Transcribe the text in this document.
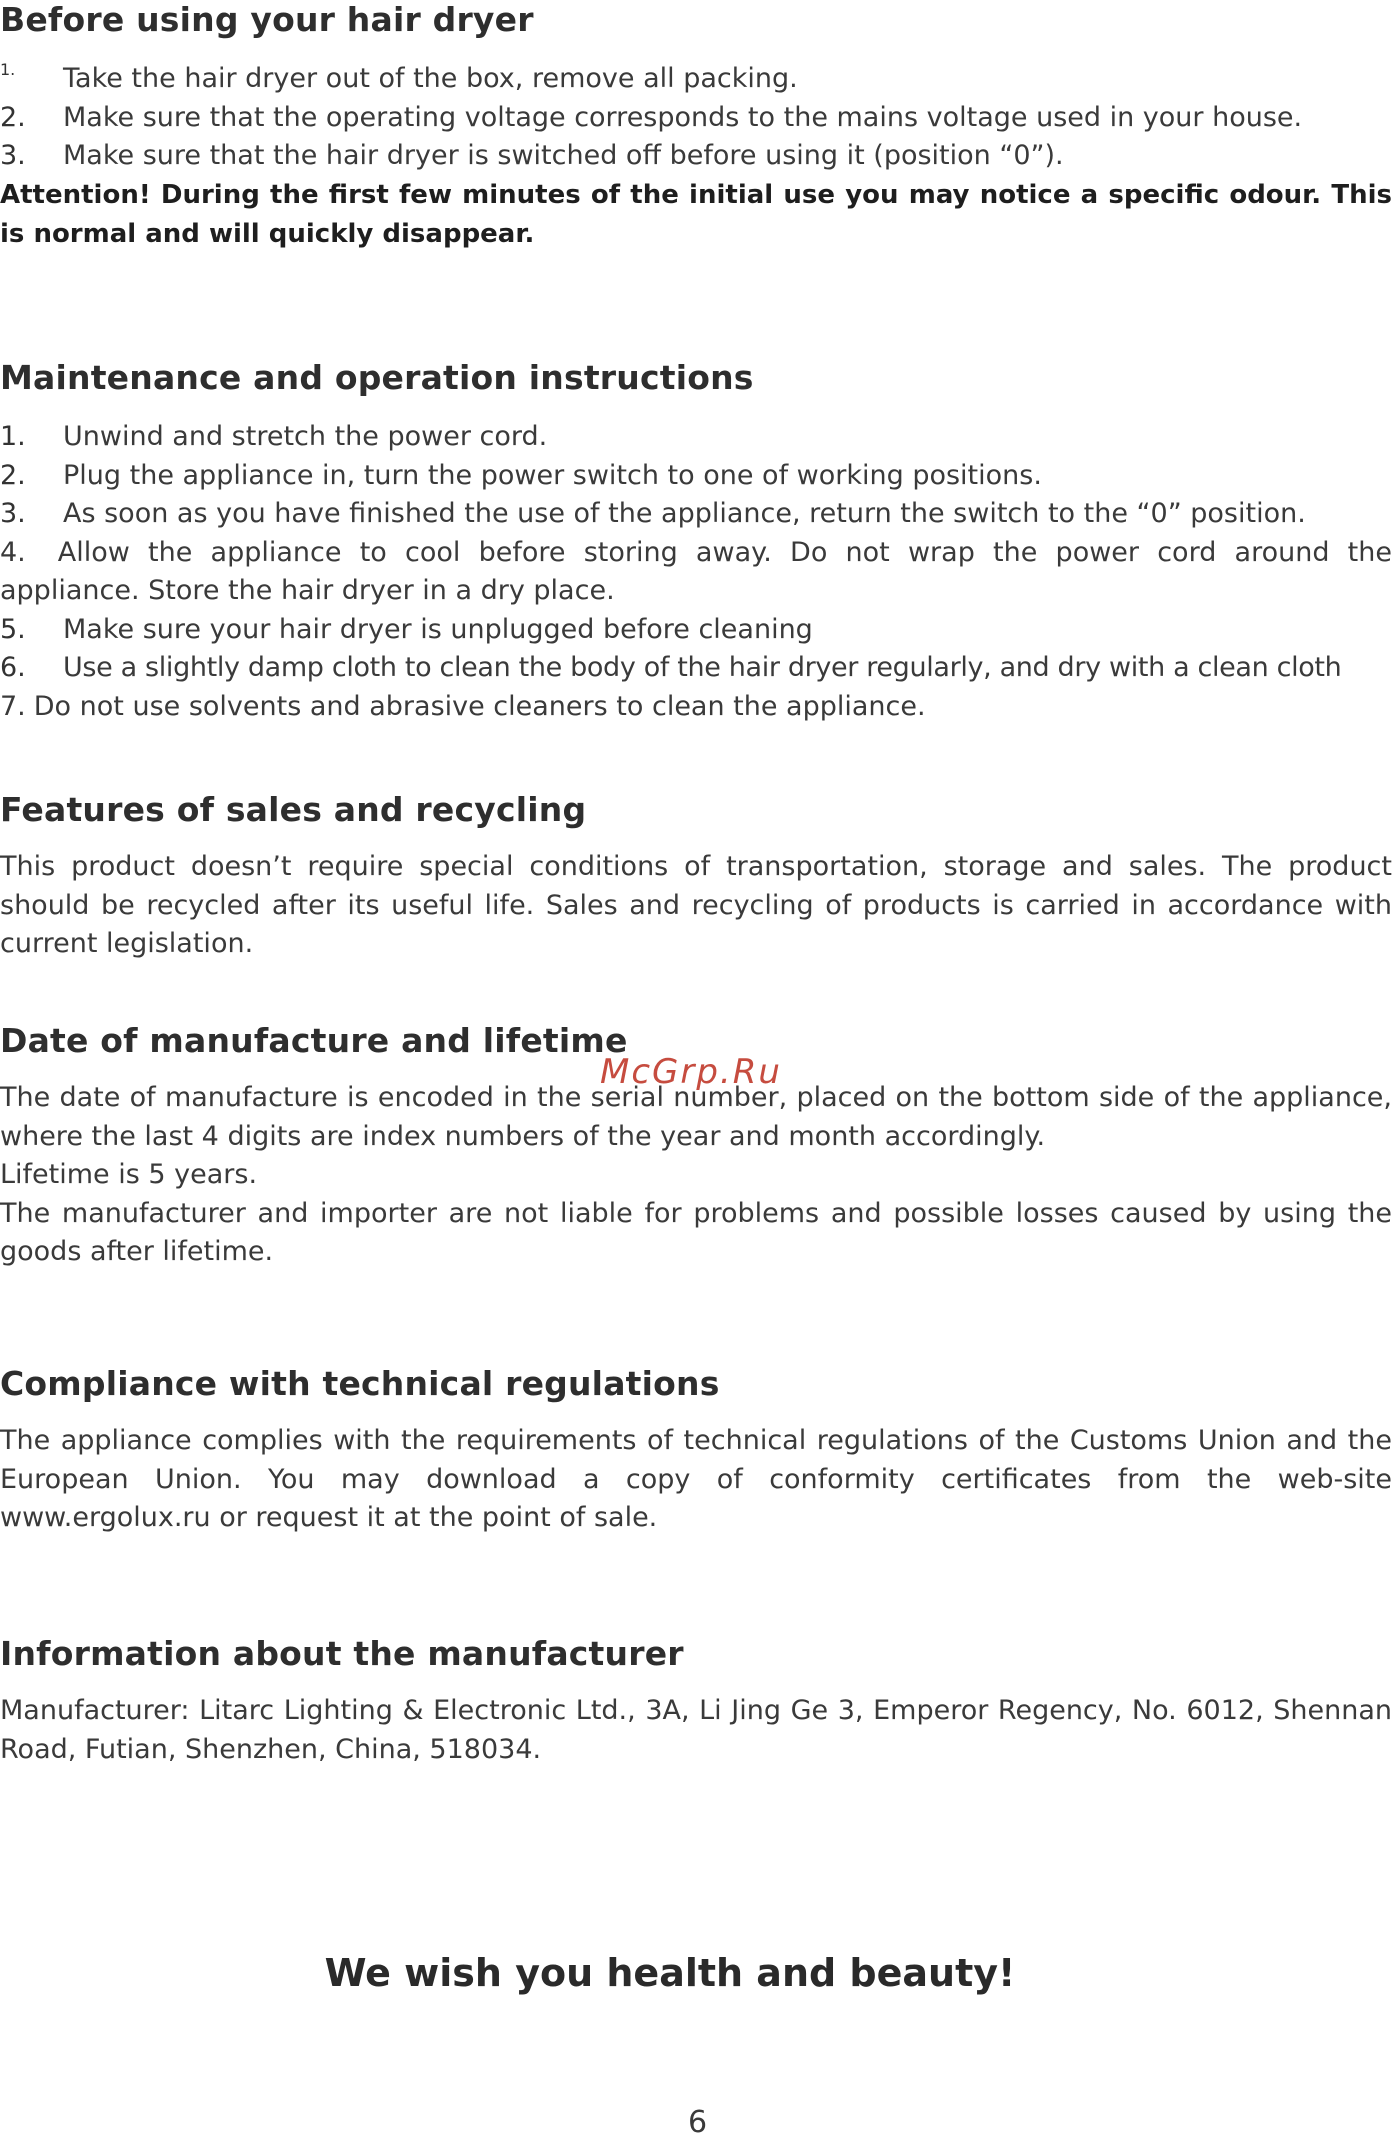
Before using your hair dryer
1.	Take the hair dryer out of the box, remove all packing.

2.	Make sure that the operating voltage corresponds to the mains voltage used in your house.

3.	Make sure that the hair dryer is switched off before using it (position “0”).

Attention! During the first few minutes of the initial use you may notice a specific odour. This is normal and will quickly disappear.

Maintenance and operation instructions
1.	Unwind and stretch the power cord.

2.	Plug the appliance in, turn the power switch to one of working positions.

3.	As soon as you have finished the use of the appliance, return the switch to the “0” position.

4. Allow the appliance to cool before storing away. Do not wrap the power cord around the appliance. Store the hair dryer in a dry place.

5.	Make sure your hair dryer is unplugged before cleaning

6.	Use a slightly damp cloth to clean the body of the hair dryer regularly, and dry with a clean cloth

7. Do not use solvents and abrasive cleaners to clean the appliance.

Features of sales and recycling

This product doesn’t require special conditions of transportation, storage and sales. The product should be recycled after its useful life. Sales and recycling of products is carried in accordance with current legislation.

Date of manufacture and lifetime

The date of manufacture is encoded in the serial number, placed on the bottom side of the appliance, where the last 4 digits are index numbers of the year and month accordingly.

Lifetime is 5 years.

The manufacturer and importer are not liable for problems and possible losses caused by using the goods after lifetime.

Compliance with technical regulations

The appliance complies with the requirements of technical regulations of the Customs Union and the European Union. You may download a copy of conformity certificates from the web-site www.ergolux.ru or request it at the point of sale.

Information about the manufacturer

Manufacturer: Litarc Lighting & Electronic Ltd., 3A, Li Jing Ge 3, Emperor Regency, No. 6012, Shennan Road, Futian, Shenzhen, China, 518034.

McGrp.Ru
We wish you health and beauty!
6
